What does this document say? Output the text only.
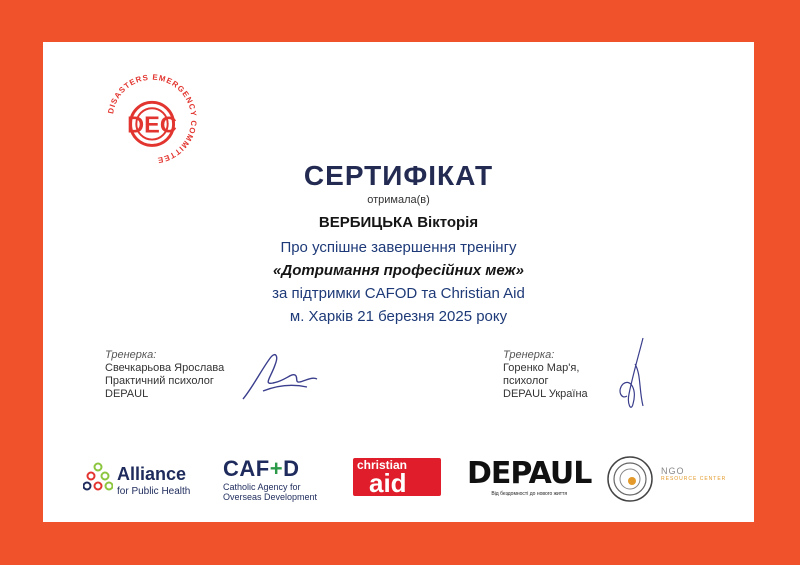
DISASTERS EMERGENCY COMMITTEE
DEC
СЕРТИФІКАТ
отримала(в)
ВЕРБИЦЬКА Вікторія
Про успішне завершення тренінгу
«Дотримання професійних меж»
за підтримки CAFOD та Christian Aid
м. Харків 21 березня 2025 року
Тренерка:
Свечкарьова Ярослава
Практичний психолог
DEPAUL
Тренерка:
Горенко Мар'я,
психолог
DEPAUL Україна
Alliance
for Public Health
CAF+D
Catholic Agency for
Overseas Development
christian
aid DEPAUL
Від бездомності до нового життя
NGO
RESOURCE CENTER
